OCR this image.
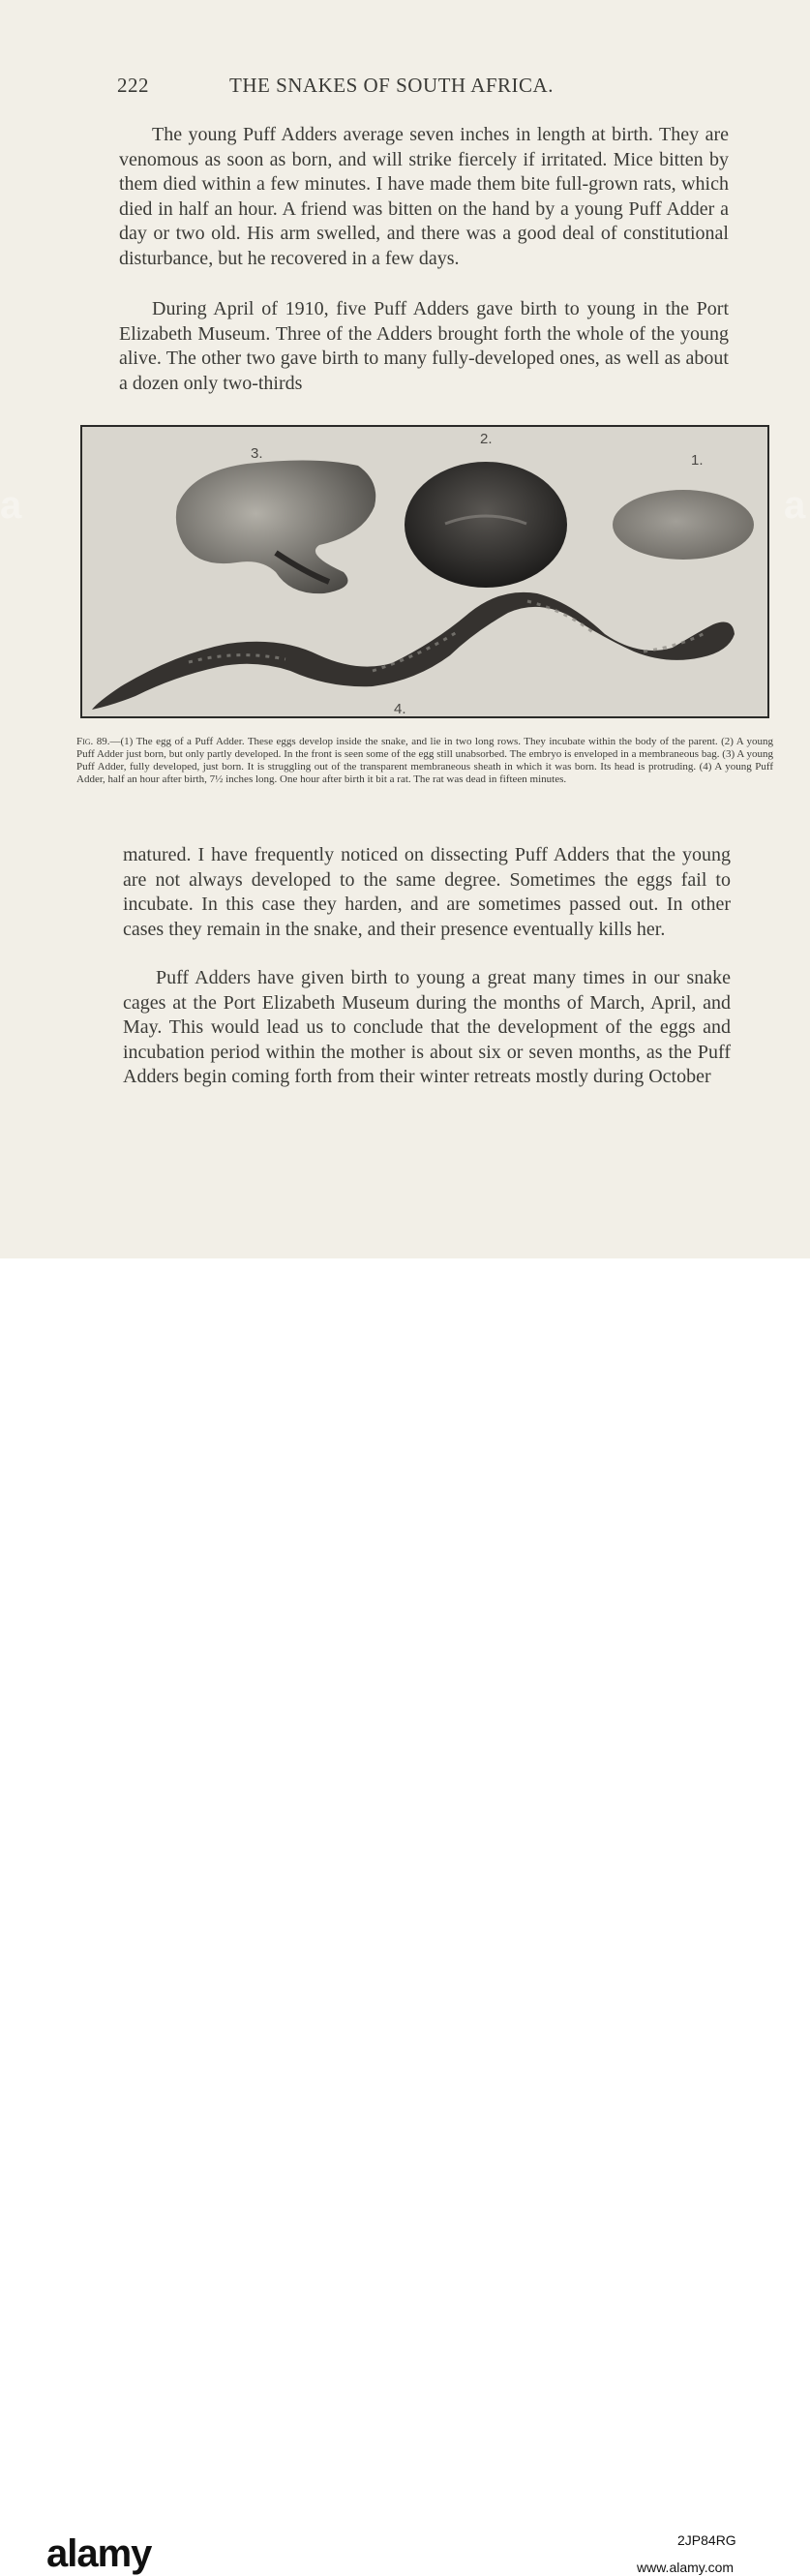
222	THE SNAKES OF SOUTH AFRICA.

The young Puff Adders average seven inches in length at birth. They are venomous as soon as born, and will strike fiercely if irritated. Mice bitten by them died within a few minutes. I have made them bite full-grown rats, which died in half an hour. A friend was bitten on the hand by a young Puff Adder a day or two old. His arm swelled, and there was a good deal of constitutional disturbance, but he recovered in a few days.

During April of 1910, five Puff Adders gave birth to young in the Port Elizabeth Museum. Three of the Adders brought forth the whole of the young alive. The other two gave birth to many fully-developed ones, as well as about a dozen only two-thirds

3.
2.
1.
4.

Fig. 89.—(1) The egg of a Puff Adder. These eggs develop inside the snake, and lie in two long rows. They incubate within the body of the parent. (2) A young Puff Adder just born, but only partly developed. In the front is seen some of the egg still unabsorbed. The embryo is enveloped in a membraneous bag. (3) A young Puff Adder, fully developed, just born. It is struggling out of the transparent membraneous sheath in which it was born. Its head is protruding. (4) A young Puff Adder, half an hour after birth, 7½ inches long. One hour after birth it bit a rat. The rat was dead in fifteen minutes.

matured. I have frequently noticed on dissecting Puff Adders that the young are not always developed to the same degree. Sometimes the eggs fail to incubate. In this case they harden, and are sometimes passed out. In other cases they remain in the snake, and their presence eventually kills her.

Puff Adders have given birth to young a great many times in our snake cages at the Port Elizabeth Museum during the months of March, April, and May. This would lead us to conclude that the development of the eggs and incubation period within the mother is about six or seven months, as the Puff Adders begin coming forth from their winter retreats mostly during October

a	a
alamy	2JP84RG
www.alamy.com
